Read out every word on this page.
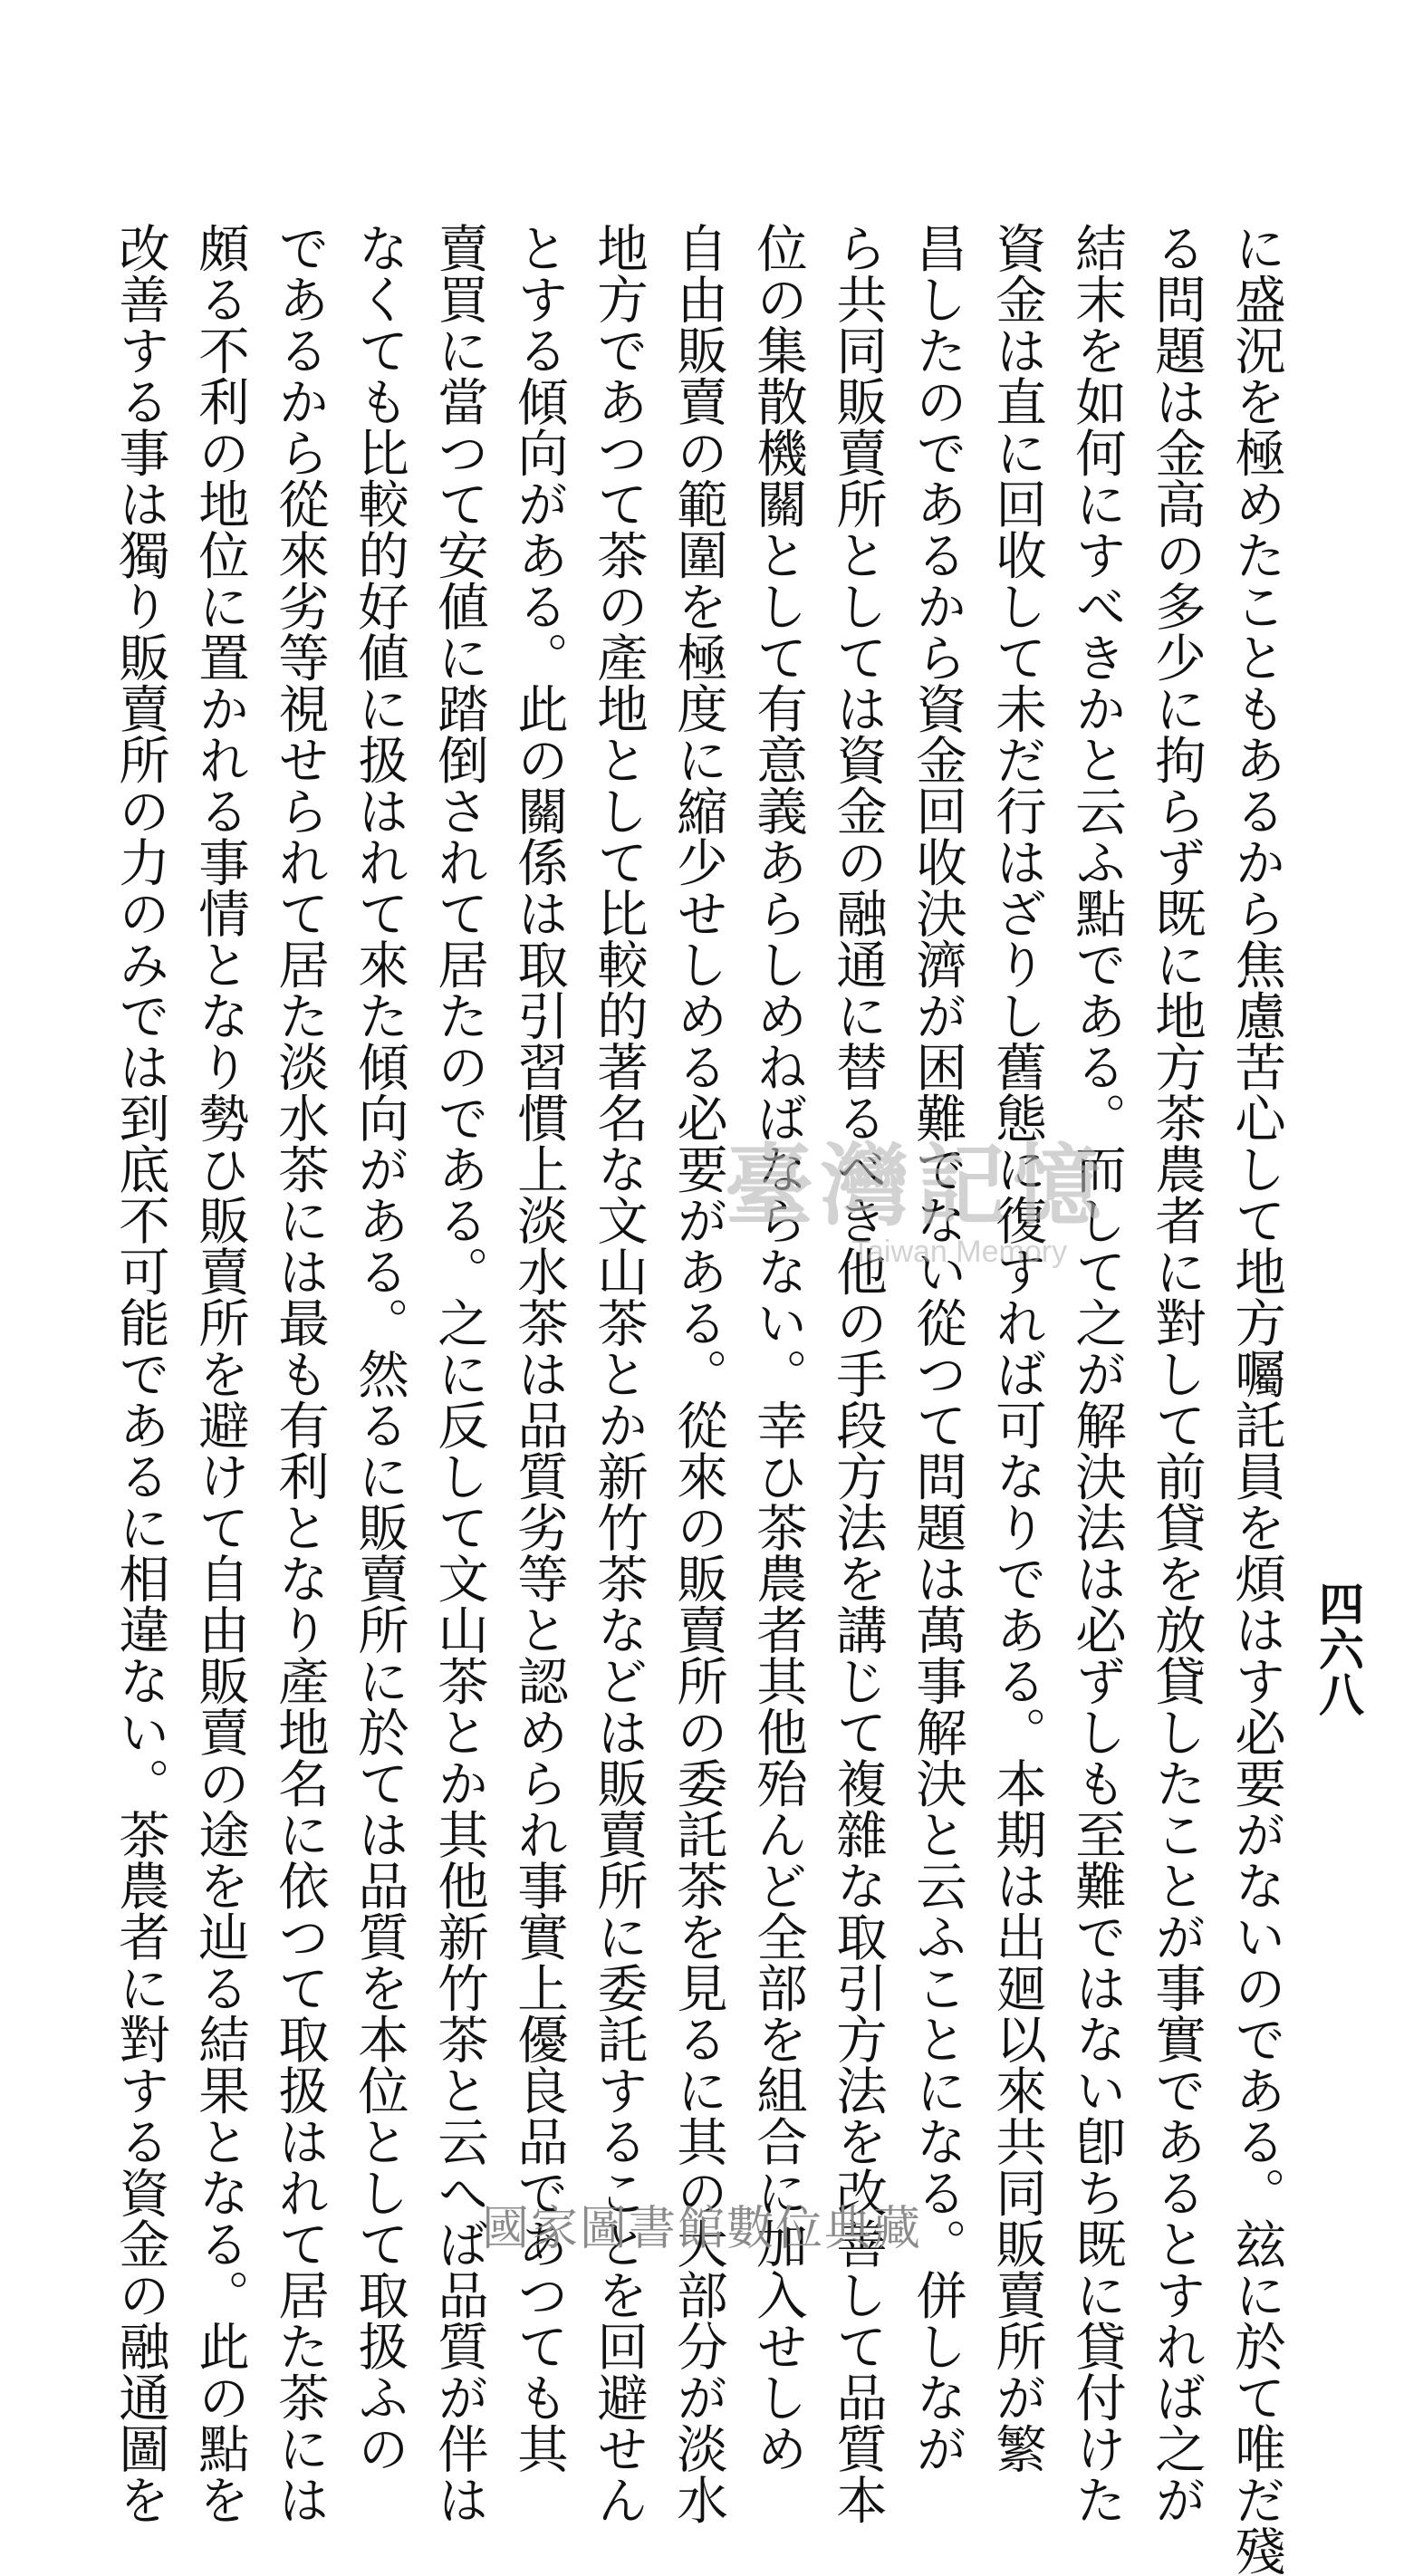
四六八
に盛況を極めたこともあるから焦慮苦心して地方囑託員を煩はす必要がないのである。玆に於て唯だ殘
る問題は金高の多少に拘らず既に地方茶農者に對して前貸を放貸したことが事實であるとすれば之が
結末を如何にすべきかと云ふ點である。而して之が解決法は必ずしも至難ではない卽ち既に貸付けた
資金は直に回收して未だ行はざりし舊態に復すれば可なりである。本期は出廻以來共同販賣所が繁
昌したのであるから資金回收決濟が困難でない從つて問題は萬事解決と云ふことになる。併しなが
ら共同販賣所としては資金の融通に替るべき他の手段方法を講じて複雜な取引方法を改善して品質本
位の集散機關として有意義あらしめねばならない。幸ひ茶農者其他殆んど全部を組合に加入せしめ
自由販賣の範圍を極度に縮少せしめる必要がある。從來の販賣所の委託茶を見るに其の大部分が淡水
地方であつて茶の產地として比較的著名な文山茶とか新竹茶などは販賣所に委託することを回避せん
とする傾向がある。此の關係は取引習慣上淡水茶は品質劣等と認められ事實上優良品であつても其
賣買に當つて安値に踏倒されて居たのである。之に反して文山茶とか其他新竹茶と云へば品質が伴は
なくても比較的好値に扱はれて來た傾向がある。然るに販賣所に於ては品質を本位として取扱ふの
であるから從來劣等視せられて居た淡水茶には最も有利となり產地名に依つて取扱はれて居た茶には
頗る不利の地位に置かれる事情となり勢ひ販賣所を避けて自由販賣の途を辿る結果となる。此の點を
改善する事は獨り販賣所の力のみでは到底不可能であるに相違ない。茶農者に對する資金の融通圖を	臺灣記憶
Taiwan Memory
國家圖書館數位典藏
